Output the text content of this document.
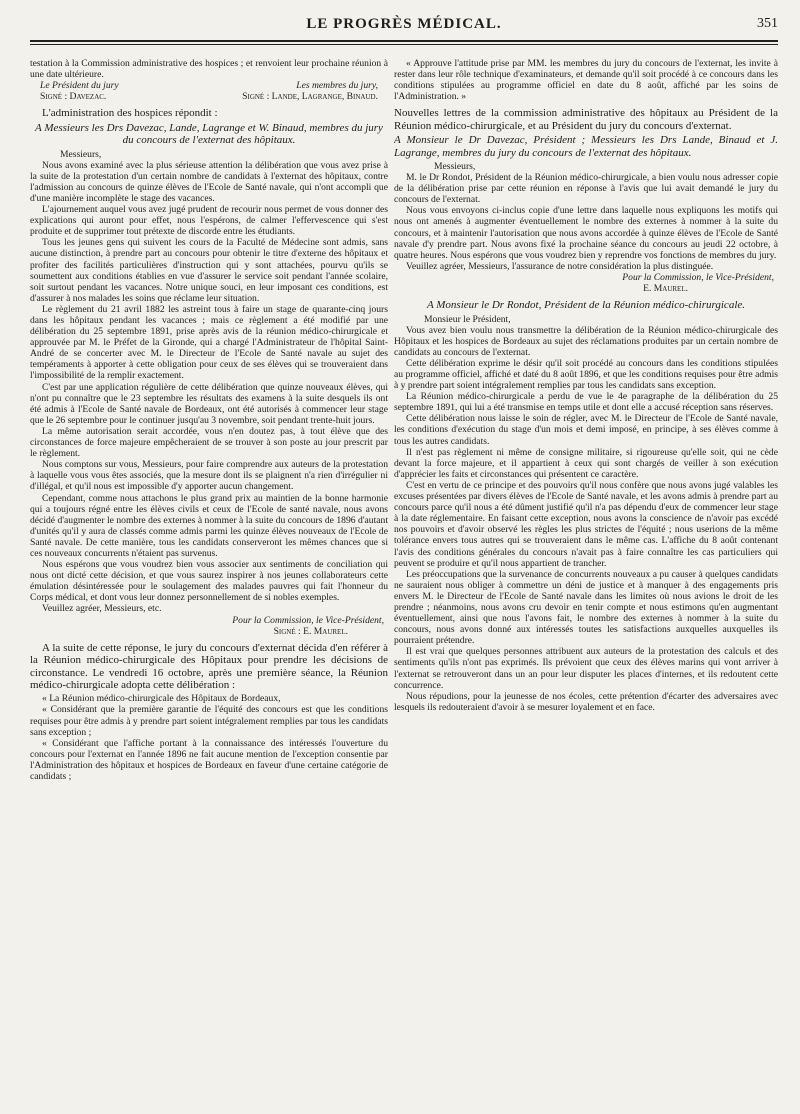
LE PROGRÈS MÉDICAL.	351

testation à la Commission administrative des hospices ; et renvoient leur prochaine réunion à une date ultérieure.

Le Président du jury	Les membres du jury,
Signé : Davezac.	Signé : Lande, Lagrange, Binaud.

L'administration des hospices répondit :

A Messieurs les Drs Davezac, Lande, Lagrange et W. Binaud, membres du jury du concours de l'externat des hôpitaux.

Messieurs,

Nous avons examiné avec la plus sérieuse attention la délibération que vous avez prise à la suite de la protestation d'un certain nombre de candidats à l'externat des hôpitaux, contre l'admission au concours de quinze élèves de l'Ecole de Santé navale, qui n'ont accompli que d'une manière incomplète le stage des vacances.

L'ajournement auquel vous avez jugé prudent de recourir nous permet de vous donner des explications qui auront pour effet, nous l'espérons, de calmer l'effervescence qui s'est produite et de supprimer tout prétexte de discorde entre les étudiants.

Tous les jeunes gens qui suivent les cours de la Faculté de Médecine sont admis, sans aucune distinction, à prendre part au concours pour obtenir le titre d'externe des hôpitaux et profiter des facilités particulières d'instruction qui y sont attachées, pourvu qu'ils se soumettent aux conditions établies en vue d'assurer le service soit pendant l'année scolaire, soit surtout pendant les vacances. Notre unique souci, en leur imposant ces conditions, est d'assurer à nos malades les soins que réclame leur situation.

Le règlement du 21 avril 1882 les astreint tous à faire un stage de quarante-cinq jours dans les hôpitaux pendant les vacances ; mais ce règlement a été modifié par une délibération du 25 septembre 1891, prise après avis de la réunion médico-chirurgicale et approuvée par M. le Préfet de la Gironde, qui a chargé l'Administrateur de l'hôpital Saint-André de se concerter avec M. le Directeur de l'Ecole de Santé navale au sujet des tempéraments à apporter à cette obligation pour ceux de ses élèves qui se trouveraient dans l'impossibilité de la remplir exactement.

C'est par une application régulière de cette délibération que quinze nouveaux élèves, qui n'ont pu connaître que le 23 septembre les résultats des examens à la suite desquels ils ont été admis à l'Ecole de Santé navale de Bordeaux, ont été autorisés à commencer leur stage que le 26 septembre pour le continuer jusqu'au 3 novembre, soit pendant trente-huit jours.

La même autorisation serait accordée, vous n'en doutez pas, à tout élève que des circonstances de force majeure empêcheraient de se trouver à son poste au jour prescrit par le règlement.

Nous comptons sur vous, Messieurs, pour faire comprendre aux auteurs de la protestation à laquelle vous vous êtes associés, que la mesure dont ils se plaignent n'a rien d'irrégulier ni d'illégal, et qu'il nous est impossible d'y apporter aucun changement.

Cependant, comme nous attachons le plus grand prix au maintien de la bonne harmonie qui a toujours régné entre les élèves civils et ceux de l'Ecole de santé navale, nous avons décidé d'augmenter le nombre des externes à nommer à la suite du concours de 1896 d'autant d'unités qu'il y aura de classés comme admis parmi les quinze élèves nouveaux de l'Ecole de Santé navale. De cette manière, tous les candidats conserveront les mêmes chances que si ces nouveaux concurrents n'étaient pas survenus.

Nous espérons que vous voudrez bien vous associer aux sentiments de conciliation qui nous ont dicté cette décision, et que vous saurez inspirer à nos jeunes collaborateurs cette émulation désintéressée pour le soulagement des malades pauvres qui fait l'honneur du Corps médical, et dont vous leur donnez personnellement de si nobles exemples.

Veuillez agréer, Messieurs, etc.

Pour la Commission, le Vice-Président,

Signé : E. Maurel.

A la suite de cette réponse, le jury du concours d'externat décida d'en référer à la Réunion médico-chirurgicale des Hôpitaux pour prendre les décisions de circonstance. Le vendredi 16 octobre, après une première séance, la Réunion médico-chirurgicale adopta cette délibération :

« La Réunion médico-chirurgicale des Hôpitaux de Bordeaux,

« Considérant que la première garantie de l'équité des concours est que les conditions requises pour être admis à y prendre part soient intégralement remplies par tous les candidats sans exception ;

« Considérant que l'affiche portant à la connaissance des intéressés l'ouverture du concours pour l'externat en l'année 1896 ne fait aucune mention de l'exception consentie par l'Administration des hôpitaux et hospices de Bordeaux en faveur d'une certaine catégorie de candidats ;

« Approuve l'attitude prise par MM. les membres du jury du concours de l'externat, les invite à rester dans leur rôle technique d'examinateurs, et demande qu'il soit procédé à ce concours dans les conditions stipulées au programme officiel en date du 8 août, affiché par les soins de l'Administration. »

Nouvelles lettres de la commission administrative des hôpitaux au Président de la Réunion médico-chirurgicale, et au Président du jury du concours d'externat.

A Monsieur le Dr Davezac, Président ; Messieurs les Drs Lande, Binaud et J. Lagrange, membres du jury du concours de l'externat des hôpitaux.

Messieurs,

M. le Dr Rondot, Président de la Réunion médico-chirurgicale, a bien voulu nous adresser copie de la délibération prise par cette réunion en réponse à l'avis que lui avait demandé le jury du concours de l'externat.

Nous vous envoyons ci-inclus copie d'une lettre dans laquelle nous expliquons les motifs qui nous ont amenés à augmenter éventuellement le nombre des externes à nommer à la suite du concours, et à maintenir l'autorisation que nous avons accordée à quinze élèves de l'Ecole de Santé navale d'y prendre part. Nous avons fixé la prochaine séance du concours au jeudi 22 octobre, à quatre heures. Nous espérons que vous voudrez bien y reprendre vos fonctions de membres du jury.

Veuillez agréer, Messieurs, l'assurance de notre considération la plus distinguée.

Pour la Commission, le Vice-Président,

E. Maurel.

A Monsieur le Dr Rondot, Président de la Réunion médico-chirurgicale.

Monsieur le Président,

Vous avez bien voulu nous transmettre la délibération de la Réunion médico-chirurgicale des Hôpitaux et les hospices de Bordeaux au sujet des réclamations produites par un certain nombre de candidats au concours de l'externat.

Cette délibération exprime le désir qu'il soit procédé au concours dans les conditions stipulées au programme officiel, affiché et daté du 8 août 1896, et que les conditions requises pour être admis à y prendre part soient intégralement remplies par tous les candidats sans exception.

La Réunion médico-chirurgicale a perdu de vue le 4e paragraphe de la délibération du 25 septembre 1891, qui lui a été transmise en temps utile et dont elle a accusé réception sans réserves.

Cette délibération nous laisse le soin de régler, avec M. le Directeur de l'Ecole de Santé navale, les conditions d'exécution du stage d'un mois et demi imposé, en principe, à ses élèves comme à tous les autres candidats.

Il n'est pas règlement ni même de consigne militaire, si rigoureuse qu'elle soit, qui ne cède devant la force majeure, et il appartient à ceux qui sont chargés de veiller à son exécution d'apprécier les faits et circonstances qui présentent ce caractère.

C'est en vertu de ce principe et des pouvoirs qu'il nous confère que nous avons jugé valables les excuses présentées par divers élèves de l'Ecole de Santé navale, et les avons admis à prendre part au concours parce qu'il nous a été dûment justifié qu'il n'a pas dépendu d'eux de commencer leur stage à la date réglementaire. En faisant cette exception, nous avons la conscience de n'avoir pas excédé nos pouvoirs et d'avoir observé les règles les plus strictes de l'équité ; nous userions de la même tolérance envers tous autres qui se trouveraient dans le même cas. L'affiche du 8 août contenant l'avis des conditions générales du concours n'avait pas à faire connaître les cas particuliers qui peuvent se produire et qu'il nous appartient de trancher.

Les préoccupations que la survenance de concurrents nouveaux a pu causer à quelques candidats ne sauraient nous obliger à commettre un déni de justice et à manquer à des engagements pris envers M. le Directeur de l'Ecole de Santé navale dans les limites où nous avions le droit de les prendre ; néanmoins, nous avons cru devoir en tenir compte et nous estimons qu'en augmentant éventuellement, ainsi que nous l'avons fait, le nombre des externes à nommer à la suite du concours, nous avons donné aux intéressés toutes les satisfactions auxquelles auxquelles ils pourraient prétendre.

Il est vrai que quelques personnes attribuent aux auteurs de la protestation des calculs et des sentiments qu'ils n'ont pas exprimés. Ils prévoient que ceux des élèves marins qui vont arriver à l'externat se retrouveront dans un an pour leur disputer les places d'internes, et ils redoutent cette concurrence.

Nous répudions, pour la jeunesse de nos écoles, cette prétention d'écarter des adversaires avec lesquels ils redouteraient d'avoir à se mesurer loyalement et en face.
